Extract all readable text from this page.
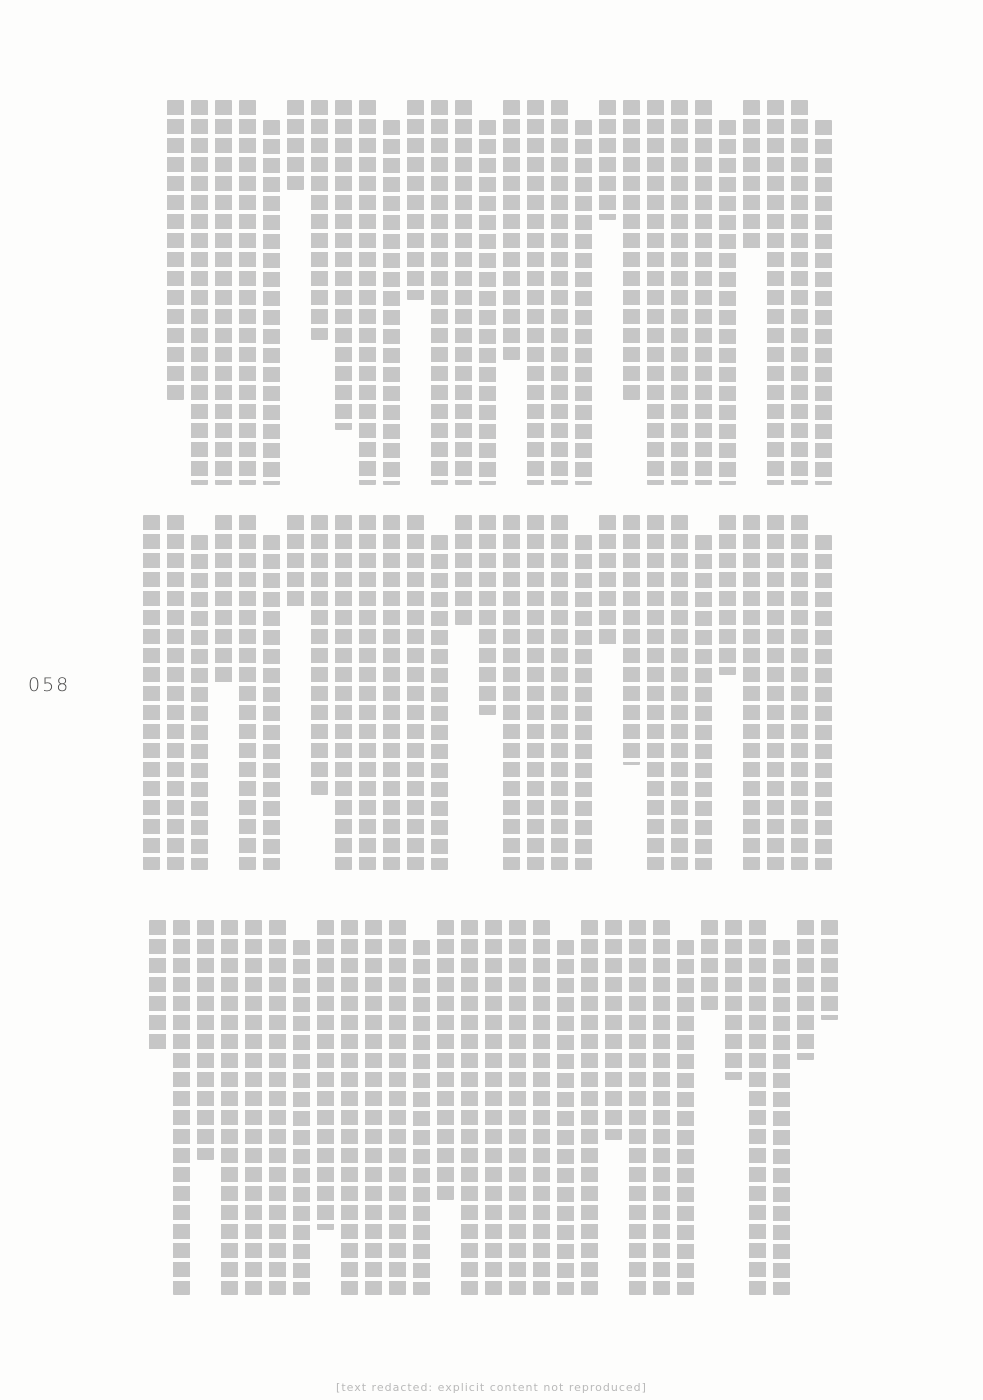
058
[text redacted: explicit content not reproduced]
